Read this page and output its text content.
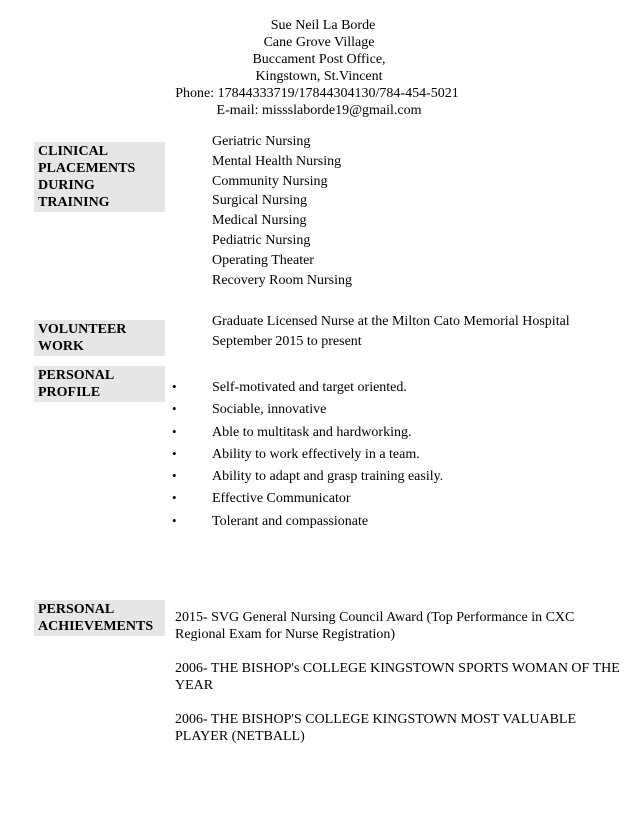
Sue Neil La Borde
Cane Grove Village
Buccament Post Office,
Kingstown, St.Vincent
Phone: 17844333719/17844304130/784-454-5021
E-mail: missslaborde19@gmail.com
CLINICAL
PLACEMENTS
DURING
TRAINING
Geriatric Nursing
Mental Health Nursing
Community Nursing
Surgical Nursing
Medical Nursing
Pediatric Nursing
Operating Theater
Recovery Room Nursing
VOLUNTEER
WORK
Graduate Licensed Nurse at the Milton Cato Memorial Hospital
September 2015 to present
PERSONAL
PROFILE	•	Self-motivated and target oriented.
•	Sociable, innovative
•	Able to multitask and hardworking.
•	Ability to work effectively in a team.
•	Ability to adapt and grasp training easily.
•	Effective Communicator
•	Tolerant and compassionate
PERSONAL
ACHIEVEMENTS
2015- SVG General Nursing Council Award (Top Performance in CXC
Regional Exam for Nurse Registration)
2006- THE BISHOP's COLLEGE KINGSTOWN SPORTS WOMAN OF THE
YEAR
2006- THE BISHOP'S COLLEGE KINGSTOWN MOST VALUABLE
PLAYER (NETBALL)
